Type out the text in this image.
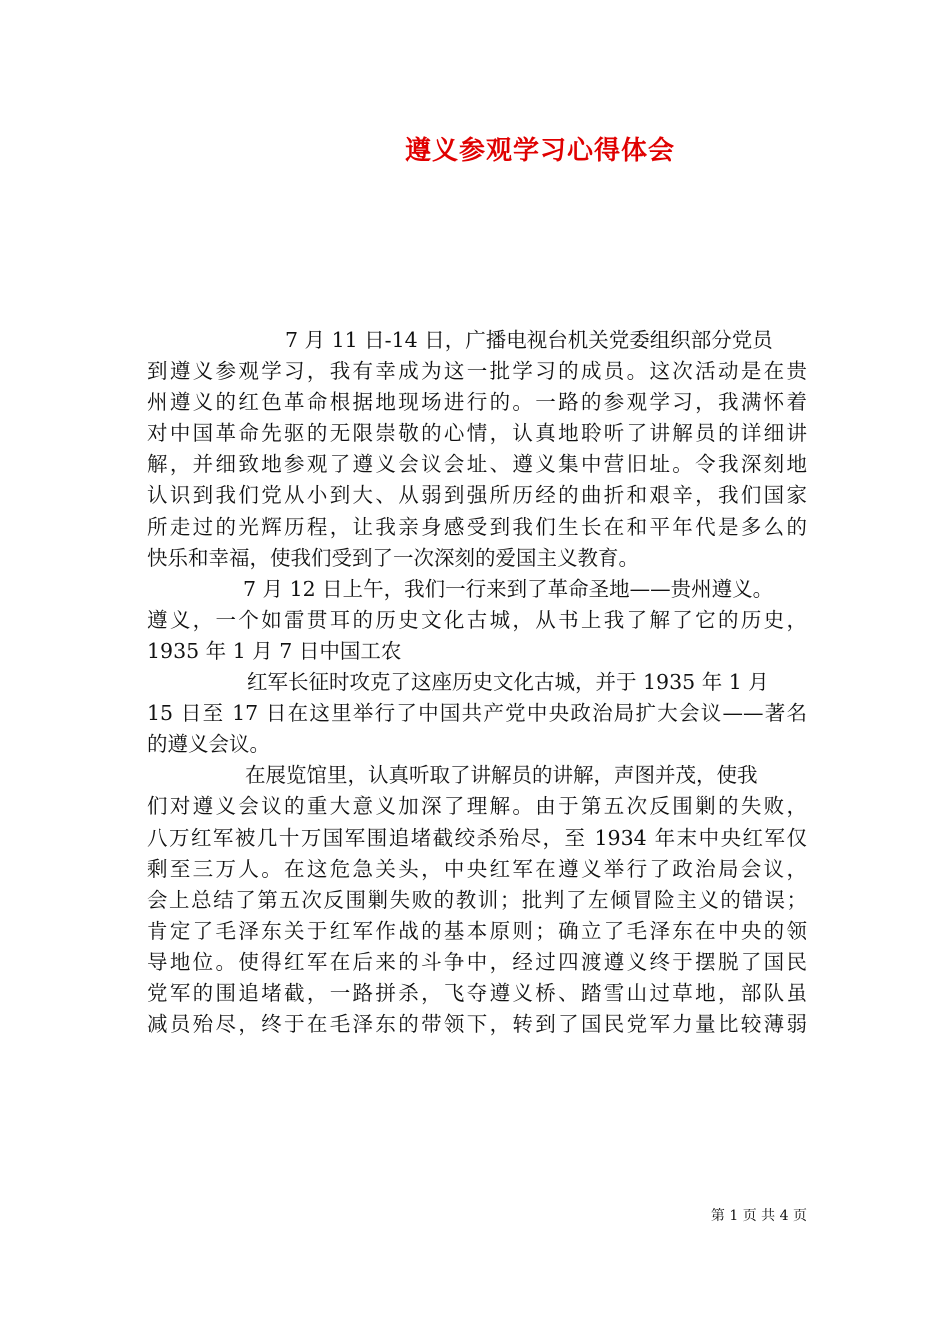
遵义参观学习心得体会
7 月 11 日-14 日，广播电视台机关党委组织部分党员
到遵义参观学习，我有幸成为这一批学习的成员。这次活动是在贵
州遵义的红色革命根据地现场进行的。一路的参观学习，我满怀着
对中国革命先驱的无限崇敬的心情，认真地聆听了讲解员的详细讲
解，并细致地参观了遵义会议会址、遵义集中营旧址。令我深刻地
认识到我们党从小到大、从弱到强所历经的曲折和艰辛，我们国家
所走过的光辉历程，让我亲身感受到我们生长在和平年代是多么的
快乐和幸福，使我们受到了一次深刻的爱国主义教育。
7 月 12 日上午，我们一行来到了革命圣地——贵州遵义。
遵义，一个如雷贯耳的历史文化古城，从书上我了解了它的历史，
1935 年 1 月 7 日中国工农
红军长征时攻克了这座历史文化古城，并于 1935 年 1 月
15 日至 17 日在这里举行了中国共产党中央政治局扩大会议——著名
的遵义会议。
在展览馆里，认真听取了讲解员的讲解，声图并茂，使我
们对遵义会议的重大意义加深了理解。由于第五次反围剿的失败，
八万红军被几十万国军围追堵截绞杀殆尽，至 1934 年末中央红军仅
剩至三万人。在这危急关头，中央红军在遵义举行了政治局会议，
会上总结了第五次反围剿失败的教训；批判了左倾冒险主义的错误；
肯定了毛泽东关于红军作战的基本原则；确立了毛泽东在中央的领
导地位。使得红军在后来的斗争中，经过四渡遵义终于摆脱了国民
党军的围追堵截，一路拼杀，飞夺遵义桥、踏雪山过草地，部队虽
减员殆尽，终于在毛泽东的带领下，转到了国民党军力量比较薄弱
第 1 页 共 4 页
